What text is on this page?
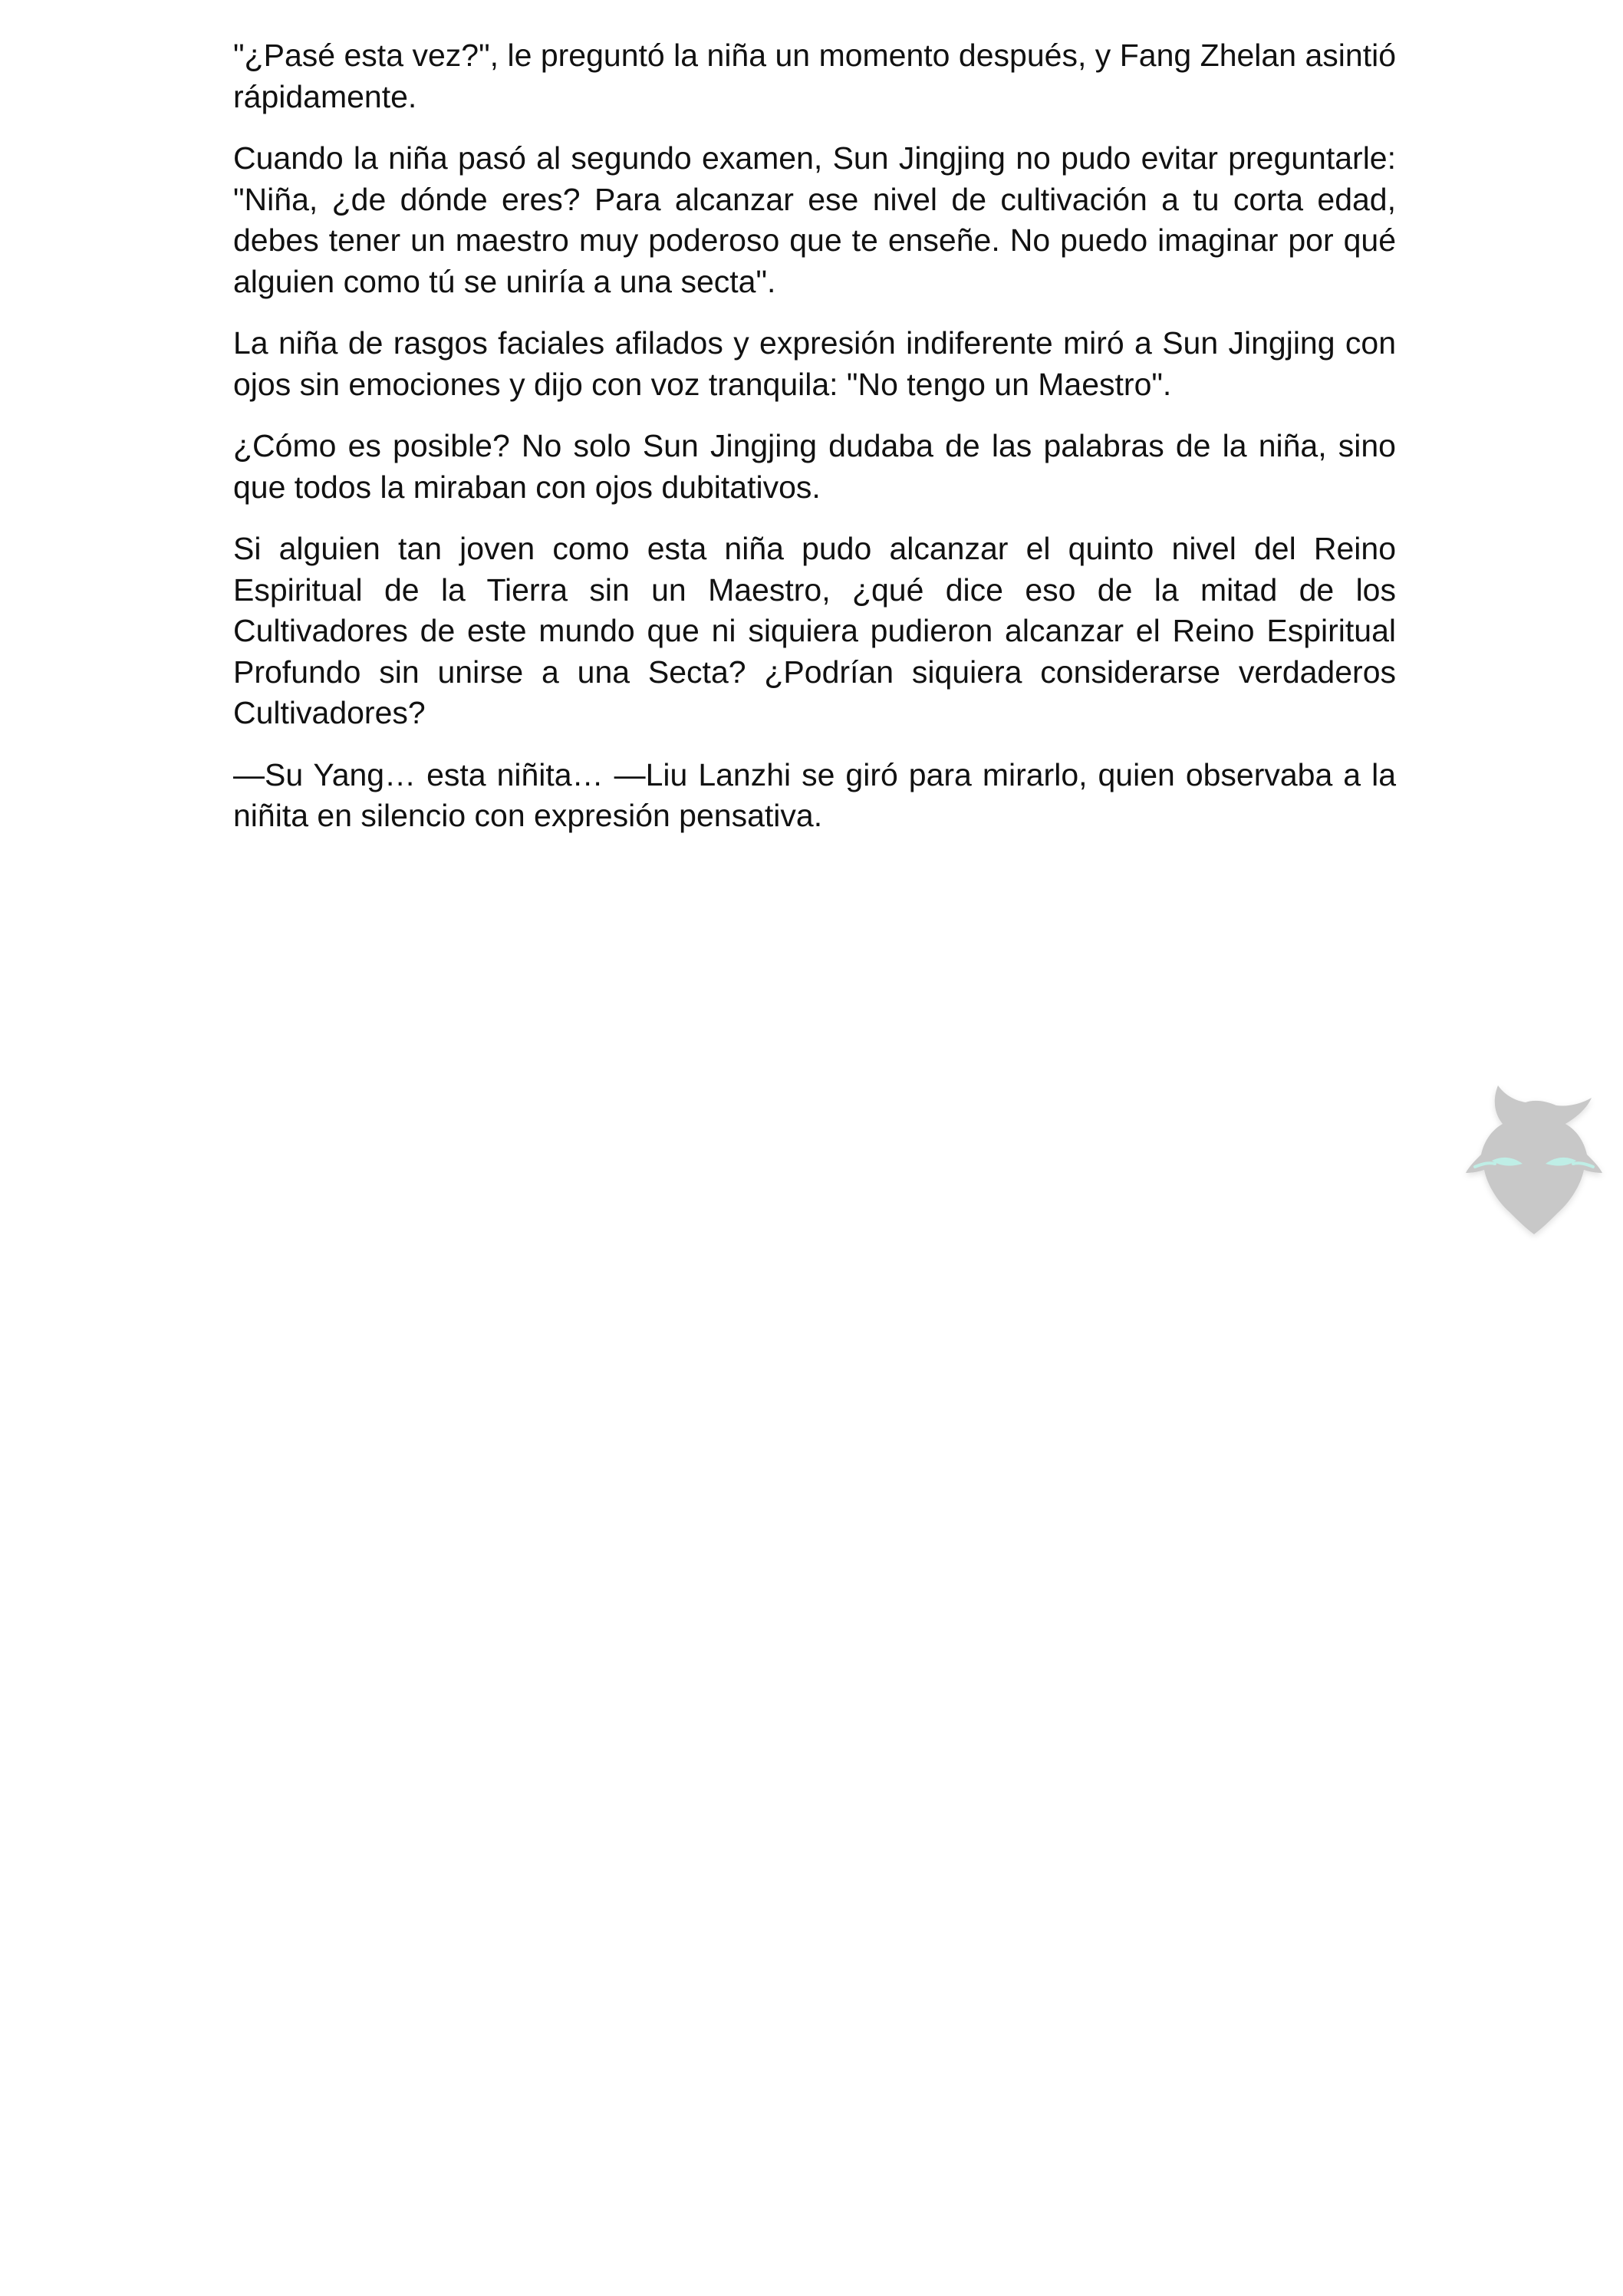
"¿Pasé esta vez?", le preguntó la niña un momento después, y Fang Zhelan asintió rápidamente.

Cuando la niña pasó al segundo examen, Sun Jingjing no pudo evitar preguntarle: "Niña, ¿de dónde eres? Para alcanzar ese nivel de cultivación a tu corta edad, debes tener un maestro muy poderoso que te enseñe. No puedo imaginar por qué alguien como tú se uniría a una secta".

La niña de rasgos faciales afilados y expresión indiferente miró a Sun Jingjing con ojos sin emociones y dijo con voz tranquila: "No tengo un Maestro".

¿Cómo es posible? No solo Sun Jingjing dudaba de las palabras de la niña, sino que todos la miraban con ojos dubitativos.

Si alguien tan joven como esta niña pudo alcanzar el quinto nivel del Reino Espiritual de la Tierra sin un Maestro, ¿qué dice eso de la mitad de los Cultivadores de este mundo que ni siquiera pudieron alcanzar el Reino Espiritual Profundo sin unirse a una Secta? ¿Podrían siquiera considerarse verdaderos Cultivadores?

—Su Yang… esta niñita… —Liu Lanzhi se giró para mirarlo, quien observaba a la niñita en silencio con expresión pensativa.
